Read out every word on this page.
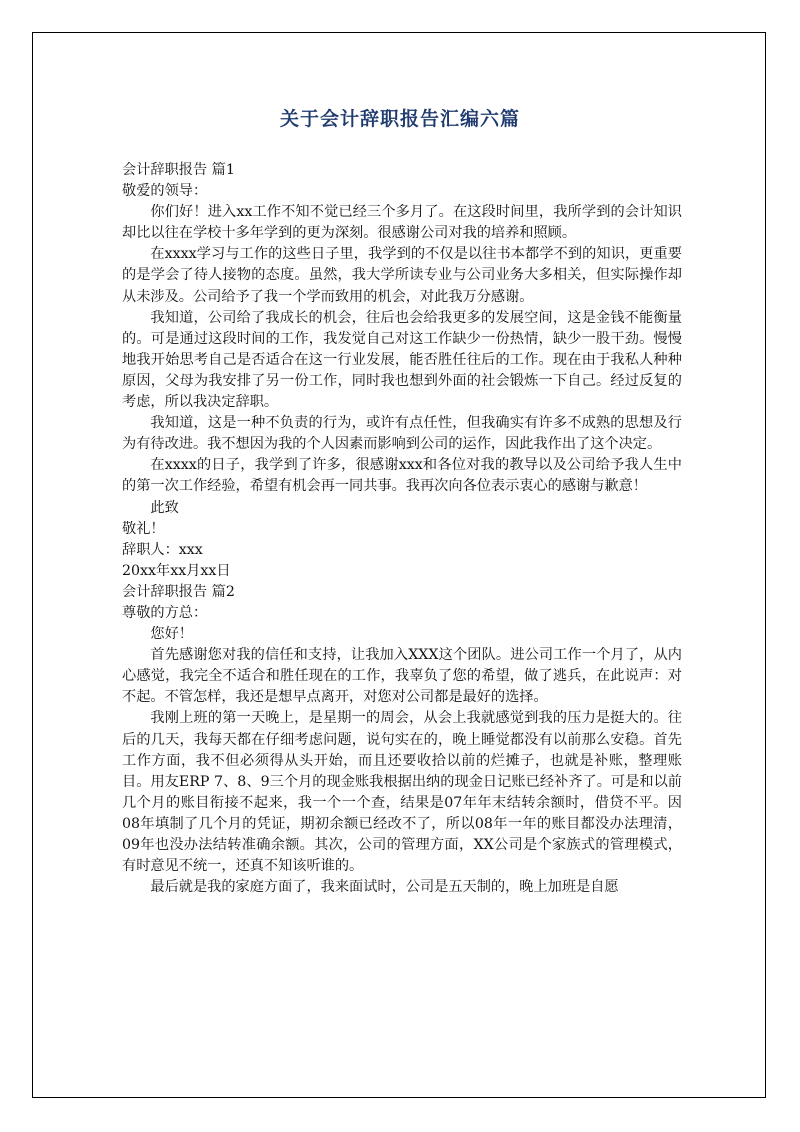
关于会计辞职报告汇编六篇

会计辞职报告 篇1

敬爱的领导：

你们好！进入xx工作不知不觉已经三个多月了。在这段时间里，我所学到的会计知识却比以往在学校十多年学到的更为深刻。很感谢公司对我的培养和照顾。

在xxxx学习与工作的这些日子里，我学到的不仅是以往书本都学不到的知识，更重要的是学会了待人接物的态度。虽然，我大学所读专业与公司业务大多相关，但实际操作却从未涉及。公司给予了我一个学而致用的机会，对此我万分感谢。

我知道，公司给了我成长的机会，往后也会给我更多的发展空间，这是金钱不能衡量的。可是通过这段时间的工作，我发觉自己对这工作缺少一份热情，缺少一股干劲。慢慢地我开始思考自己是否适合在这一行业发展，能否胜任往后的工作。现在由于我私人种种原因，父母为我安排了另一份工作，同时我也想到外面的社会锻炼一下自己。经过反复的考虑，所以我决定辞职。

我知道，这是一种不负责的行为，或许有点任性，但我确实有许多不成熟的思想及行为有待改进。我不想因为我的个人因素而影响到公司的运作，因此我作出了这个决定。

在xxxx的日子，我学到了许多，很感谢xxx和各位对我的教导以及公司给予我人生中的第一次工作经验，希望有机会再一同共事。我再次向各位表示衷心的感谢与歉意！

此致

敬礼！

辞职人：xxx

20xx年xx月xx日

会计辞职报告 篇2

尊敬的方总：

您好！

首先感谢您对我的信任和支持，让我加入XXX这个团队。进公司工作一个月了，从内心感觉，我完全不适合和胜任现在的工作，我辜负了您的希望，做了逃兵，在此说声：对不起。不管怎样，我还是想早点离开，对您对公司都是最好的选择。

我刚上班的第一天晚上，是星期一的周会，从会上我就感觉到我的压力是挺大的。往后的几天，我每天都在仔细考虑问题，说句实在的，晚上睡觉都没有以前那么安稳。首先工作方面，我不但必须得从头开始，而且还要收拾以前的烂摊子，也就是补账，整理账目。用友ERP 7、8、9三个月的现金账我根据出纳的现金日记账已经补齐了。可是和以前几个月的账目衔接不起来，我一个一个查，结果是07年年末结转余额时，借贷不平。因08年填制了几个月的凭证，期初余额已经改不了，所以08年一年的账目都没办法理清，09年也没办法结转准确余额。其次，公司的管理方面，XX公司是个家族式的管理模式，有时意见不统一，还真不知该听谁的。

最后就是我的家庭方面了，我来面试时，公司是五天制的，晚上加班是自愿
